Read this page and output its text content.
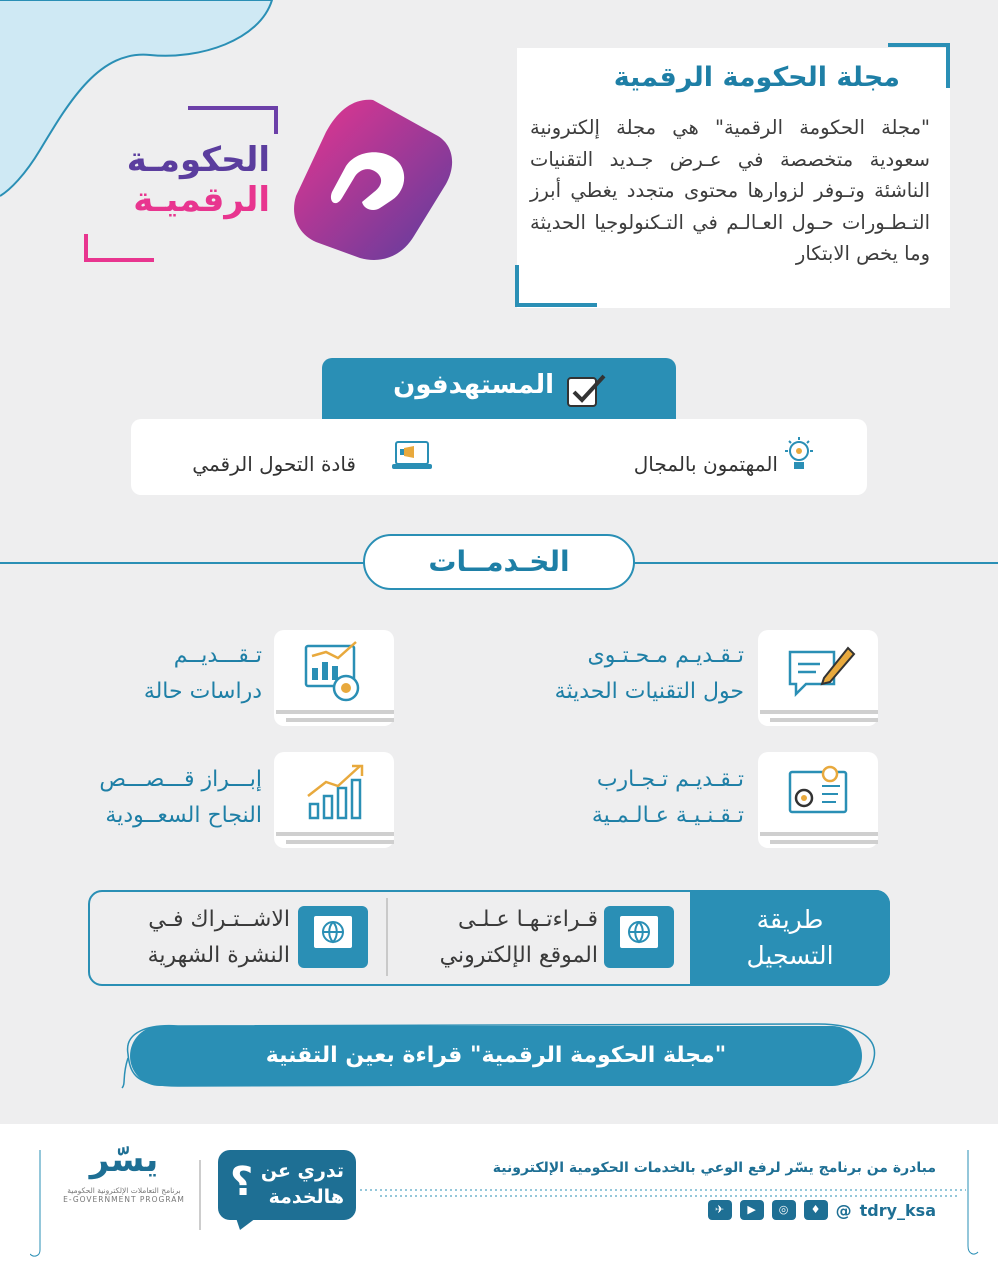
الحكومـة
الرقميـة
مجلة الحكومة الرقمية
"مجلة الحكومة الرقمية" هي مجلة إلكترونية سعودية متخصصة في عـرض جـديد التقنيات الناشئة وتـوفر لزوارها محتوى متجدد يغطي أبرز التـطـورات حـول العـالـم في التـكنولوجيا الحديثة وما يخص الابتكار
المستهدفون
المهتمون بالمجال
قادة التحول الرقمي
الخـدمــات
تـقـديـم مـحـتـوى
حول التقنيات الحديثة
تـقـــديــم
دراسات حالة
تـقـديـم تـجـارب
تـقـنـيـة عـالـمـية
إبـــراز قـــصـــص
النجاح السعــودية
طريقة
التسجيل
قـراءتـهـا عـلـى
الموقع الإلكتروني
الاشــتـراك فـي
النشرة الشهرية
"مجلة الحكومة الرقمية" قراءة بعين التقنية
يسّر
برنامج التعاملات الإلكترونية الحكومية
E-GOVERNMENT PROGRAM
تدري عن
هالخدمة
؟	مبادرة من برنامج يسّر لرفع الوعي بالخدمات الحكومية الإلكترونية
✈	▶	◎	♦ @ tdry_ksa
